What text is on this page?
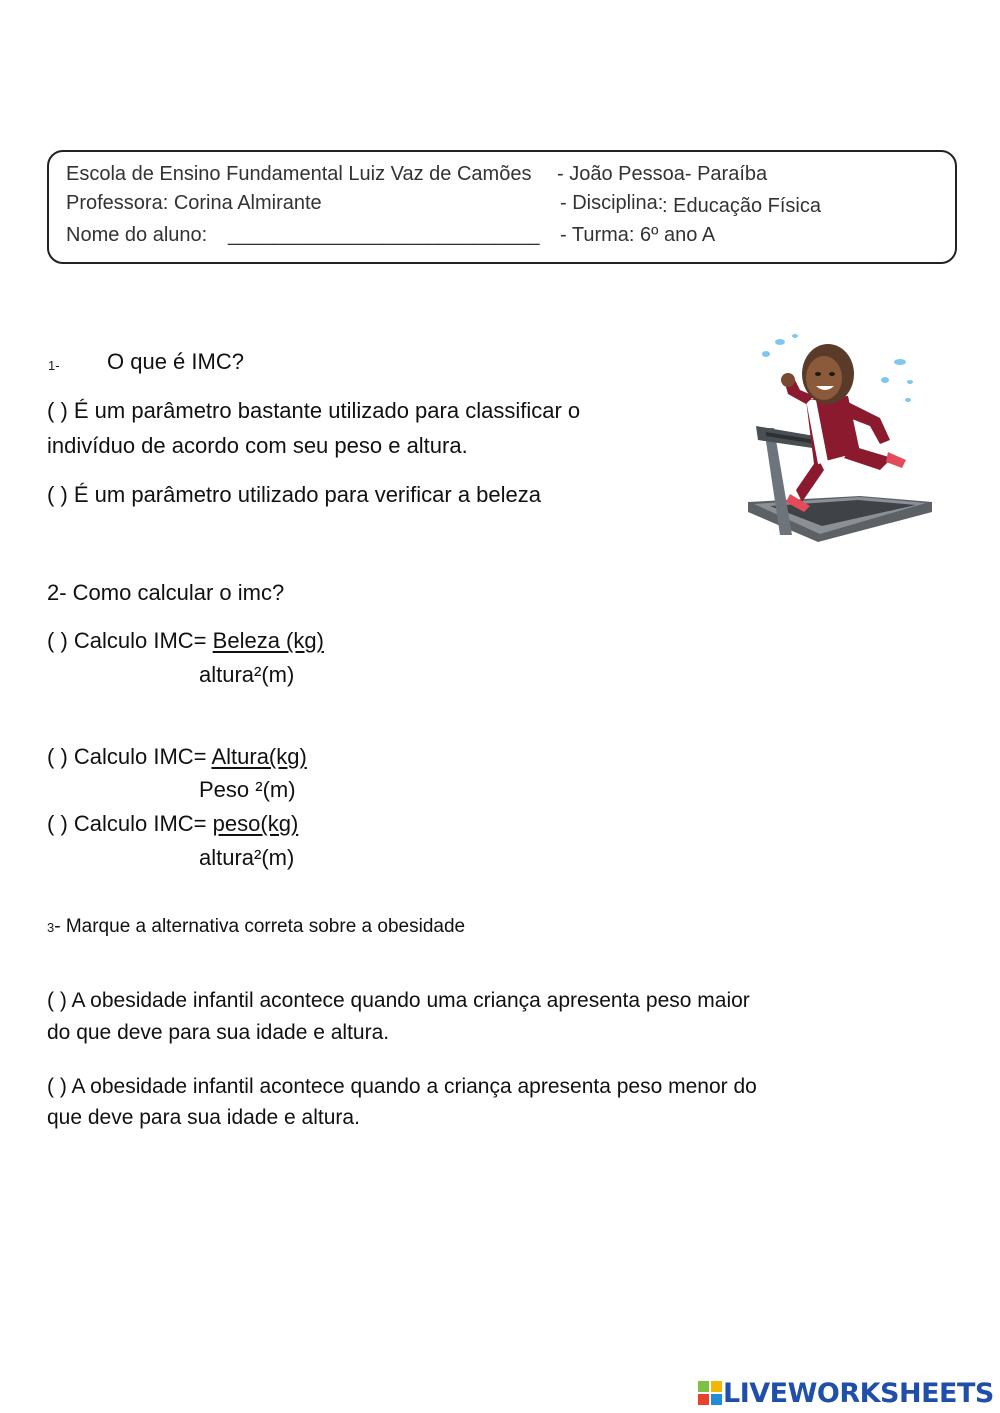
Escola de Ensino Fundamental Luiz Vaz de Camões - João Pessoa- Paraíba
Professora: Corina Almirante	- Disciplina:
: Educação Física
Nome do aluno: ____________________________ - Turma: 6º ano A
1- O que é IMC?
( ) É um parâmetro bastante utilizado para classificar o
indivíduo de acordo com seu peso e altura.
( ) É um parâmetro utilizado para verificar a beleza
2- Como calcular o imc?
( ) Calculo IMC= Beleza (kg)
altura²(m)
( ) Calculo IMC= Altura(kg)
Peso ²(m)
( ) Calculo IMC= peso(kg)
altura²(m)
3- Marque a alternativa correta sobre a obesidade
( ) A obesidade infantil acontece quando uma criança apresenta peso maior
do que deve para sua idade e altura.
( ) A obesidade infantil acontece quando a criança apresenta peso menor do
que deve para sua idade e altura.
LIVEWORKSHEETS
